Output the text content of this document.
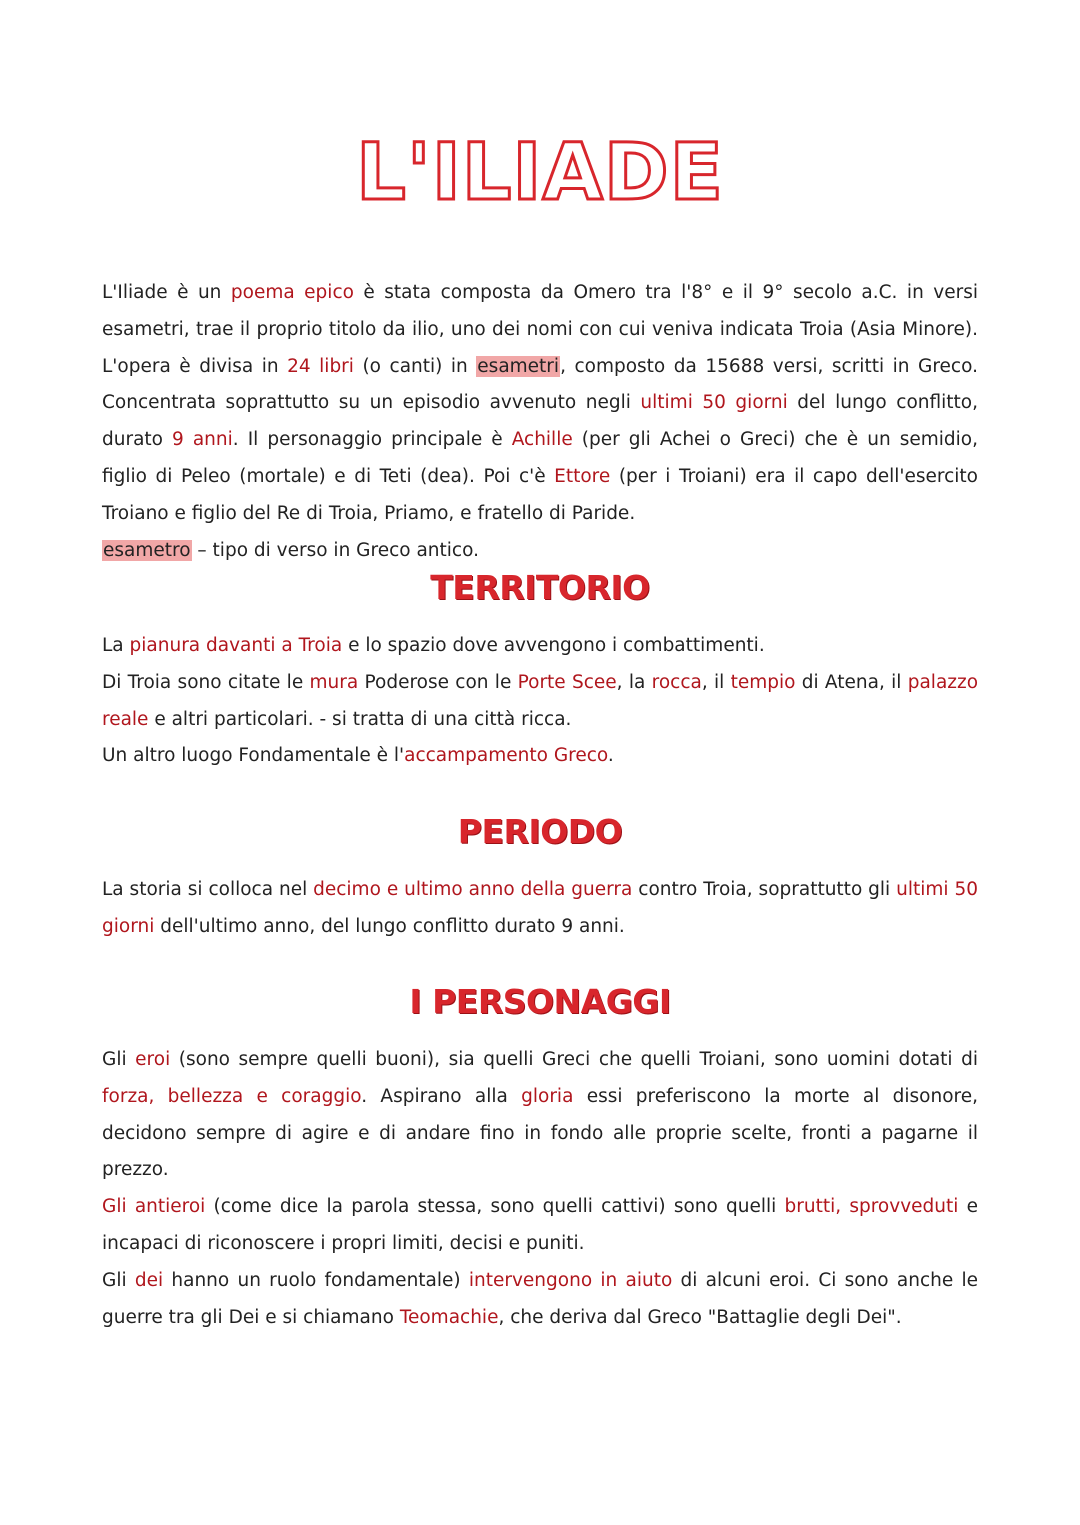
L'ILIADE

L'Iliade è un poema epico è stata composta da Omero tra l'8° e il 9° secolo a.C. in versi esametri, trae il proprio titolo da ilio, uno dei nomi con cui veniva indicata Troia (Asia Minore). L'opera è divisa in 24 libri (o canti) in esametri, composto da 15688 versi, scritti in Greco. Concentrata soprattutto su un episodio avvenuto negli ultimi 50 giorni del lungo conflitto, durato 9 anni. Il personaggio principale è Achille (per gli Achei o Greci) che è un semidio, figlio di Peleo (mortale) e di Teti (dea). Poi c'è Ettore (per i Troiani) era il capo dell'esercito Troiano e figlio del Re di Troia, Priamo, e fratello di Paride.

esametro – tipo di verso in Greco antico.

TERRITORIO

La pianura davanti a Troia e lo spazio dove avvengono i combattimenti.

Di Troia sono citate le mura Poderose con le Porte Scee, la rocca, il tempio di Atena, il palazzo reale e altri particolari. - si tratta di una città ricca.

Un altro luogo Fondamentale è l'accampamento Greco.

PERIODO

La storia si colloca nel decimo e ultimo anno della guerra contro Troia, soprattutto gli ultimi 50 giorni dell'ultimo anno, del lungo conflitto durato 9 anni.

I PERSONAGGI

Gli eroi (sono sempre quelli buoni), sia quelli Greci che quelli Troiani, sono uomini dotati di forza, bellezza e coraggio. Aspirano alla gloria essi preferiscono la morte al disonore, decidono sempre di agire e di andare fino in fondo alle proprie scelte, fronti a pagarne il prezzo.

Gli antieroi (come dice la parola stessa, sono quelli cattivi) sono quelli brutti, sprovveduti e incapaci di riconoscere i propri limiti, decisi e puniti.

Gli dei hanno un ruolo fondamentale) intervengono in aiuto di alcuni eroi. Ci sono anche le guerre tra gli Dei e si chiamano Teomachie, che deriva dal Greco "Battaglie degli Dei".
